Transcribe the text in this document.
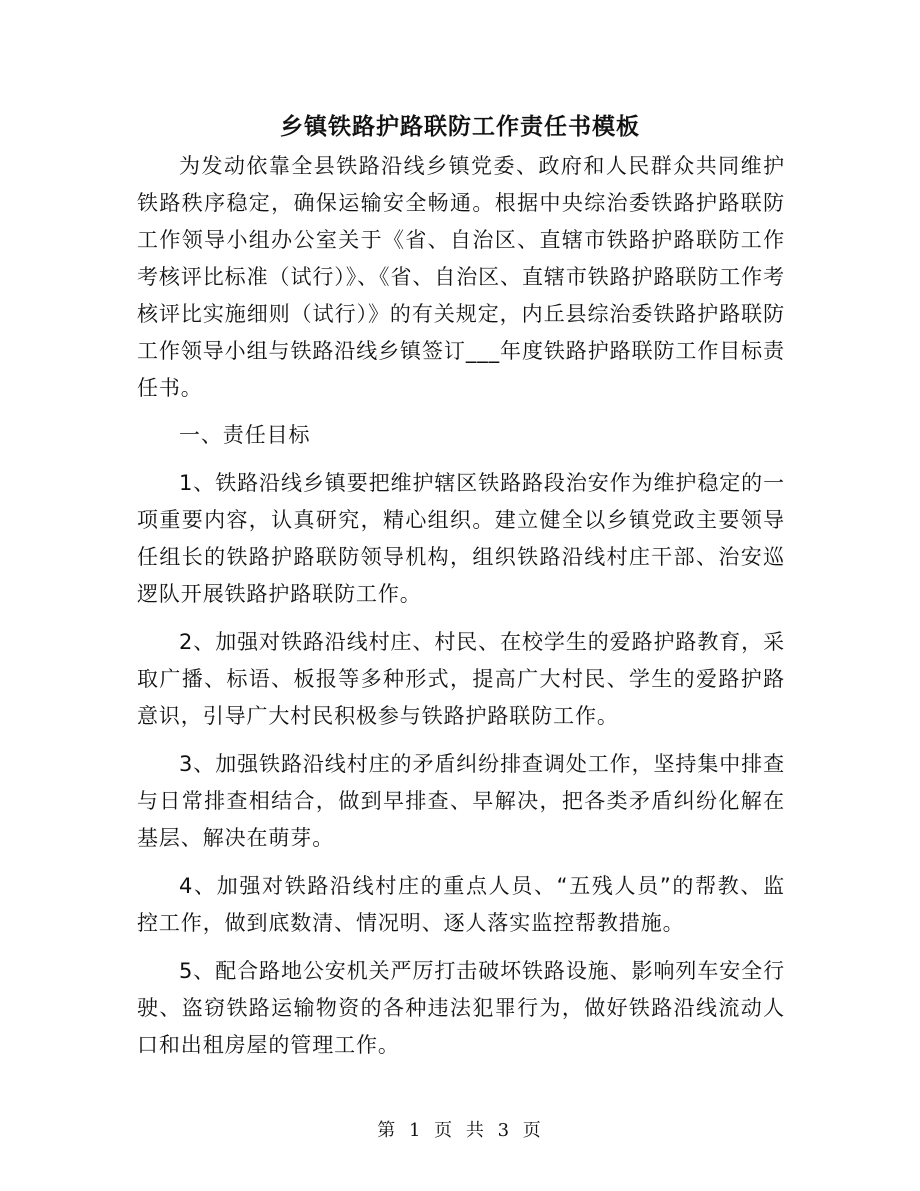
乡镇铁路护路联防工作责任书模板

为发动依靠全县铁路沿线乡镇党委、政府和人民群众共同维护铁路秩序稳定，确保运输安全畅通。根据中央综治委铁路护路联防工作领导小组办公室关于《省、自治区、直辖市铁路护路联防工作考核评比标准（试行）》、《省、自治区、直辖市铁路护路联防工作考核评比实施细则（试行）》的有关规定，内丘县综治委铁路护路联防工作领导小组与铁路沿线乡镇签订___年度铁路护路联防工作目标责任书。

一、责任目标

1、铁路沿线乡镇要把维护辖区铁路路段治安作为维护稳定的一项重要内容，认真研究，精心组织。建立健全以乡镇党政主要领导任组长的铁路护路联防领导机构，组织铁路沿线村庄干部、治安巡逻队开展铁路护路联防工作。

2、加强对铁路沿线村庄、村民、在校学生的爱路护路教育，采取广播、标语、板报等多种形式，提高广大村民、学生的爱路护路意识，引导广大村民积极参与铁路护路联防工作。

3、加强铁路沿线村庄的矛盾纠纷排查调处工作，坚持集中排查与日常排查相结合，做到早排查、早解决，把各类矛盾纠纷化解在基层、解决在萌芽。

4、加强对铁路沿线村庄的重点人员、“五残人员”的帮教、监控工作，做到底数清、情况明、逐人落实监控帮教措施。

5、配合路地公安机关严厉打击破坏铁路设施、影响列车安全行驶、盗窃铁路运输物资的各种违法犯罪行为，做好铁路沿线流动人口和出租房屋的管理工作。

第 1 页 共 3 页
